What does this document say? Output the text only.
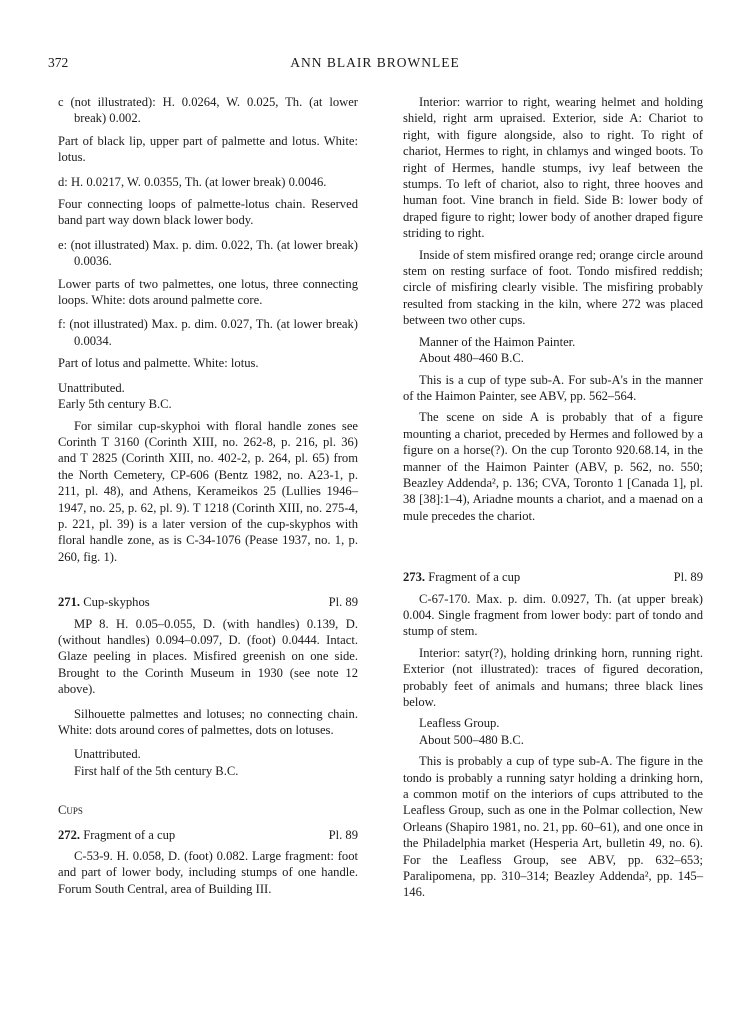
372	ANN BLAIR BROWNLEE

c (not illustrated): H. 0.0264, W. 0.025, Th. (at lower break) 0.002.

Part of black lip, upper part of palmette and lotus. White: lotus.

d: H. 0.0217, W. 0.0355, Th. (at lower break) 0.0046.

Four connecting loops of palmette-lotus chain. Reserved band part way down black lower body.

e: (not illustrated) Max. p. dim. 0.022, Th. (at lower break) 0.0036.

Lower parts of two palmettes, one lotus, three connecting loops. White: dots around palmette core.

f: (not illustrated) Max. p. dim. 0.027, Th. (at lower break) 0.0034.

Part of lotus and palmette. White: lotus.

Unattributed.

Early 5th century B.C.

For similar cup-skyphoi with floral handle zones see Corinth T 3160 (Corinth XIII, no. 262-8, p. 216, pl. 36) and T 2825 (Corinth XIII, no. 402-2, p. 264, pl. 65) from the North Cemetery, CP-606 (Bentz 1982, no. A23-1, p. 211, pl. 48), and Athens, Kerameikos 25 (Lullies 1946–1947, no. 25, p. 62, pl. 9). T 1218 (Corinth XIII, no. 275-4, p. 221, pl. 39) is a later version of the cup-skyphos with floral handle zone, as is C-34-1076 (Pease 1937, no. 1, p. 260, fig. 1).

271. Cup-skyphos	Pl. 89

MP 8. H. 0.05–0.055, D. (with handles) 0.139, D. (without handles) 0.094–0.097, D. (foot) 0.0444. Intact. Glaze peeling in places. Misfired greenish on one side. Brought to the Corinth Museum in 1930 (see note 12 above).

Silhouette palmettes and lotuses; no connecting chain. White: dots around cores of palmettes, dots on lotuses.

Unattributed.

First half of the 5th century B.C.

Cups
272. Fragment of a cup	Pl. 89

C-53-9. H. 0.058, D. (foot) 0.082. Large fragment: foot and part of lower body, including stumps of one handle. Forum South Central, area of Building III.

Interior: warrior to right, wearing helmet and holding shield, right arm upraised. Exterior, side A: Chariot to right, with figure alongside, also to right. To right of chariot, Hermes to right, in chlamys and winged boots. To right of Hermes, handle stumps, ivy leaf between the stumps. To left of chariot, also to right, three hooves and human foot. Vine branch in field. Side B: lower body of draped figure to right; lower body of another draped figure striding to right.

Inside of stem misfired orange red; orange circle around stem on resting surface of foot. Tondo misfired reddish; circle of misfiring clearly visible. The misfiring probably resulted from stacking in the kiln, where 272 was placed between two other cups.

Manner of the Haimon Painter.

About 480–460 B.C.

This is a cup of type sub-A. For sub-A's in the manner of the Haimon Painter, see ABV, pp. 562–564.

The scene on side A is probably that of a figure mounting a chariot, preceded by Hermes and followed by a figure on a horse(?). On the cup Toronto 920.68.14, in the manner of the Haimon Painter (ABV, p. 562, no. 550; Beazley Addenda², p. 136; CVA, Toronto 1 [Canada 1], pl. 38 [38]:1–4), Ariadne mounts a chariot, and a maenad on a mule precedes the chariot.

273. Fragment of a cup	Pl. 89

C-67-170. Max. p. dim. 0.0927, Th. (at upper break) 0.004. Single fragment from lower body: part of tondo and stump of stem.

Interior: satyr(?), holding drinking horn, running right. Exterior (not illustrated): traces of figured decoration, probably feet of animals and humans; three black lines below.

Leafless Group.

About 500–480 B.C.

This is probably a cup of type sub-A. The figure in the tondo is probably a running satyr holding a drinking horn, a common motif on the interiors of cups attributed to the Leafless Group, such as one in the Polmar collection, New Orleans (Shapiro 1981, no. 21, pp. 60–61), and one once in the Philadelphia market (Hesperia Art, bulletin 49, no. 6). For the Leafless Group, see ABV, pp. 632–653; Paralipomena, pp. 310–314; Beazley Addenda², pp. 145–146.
